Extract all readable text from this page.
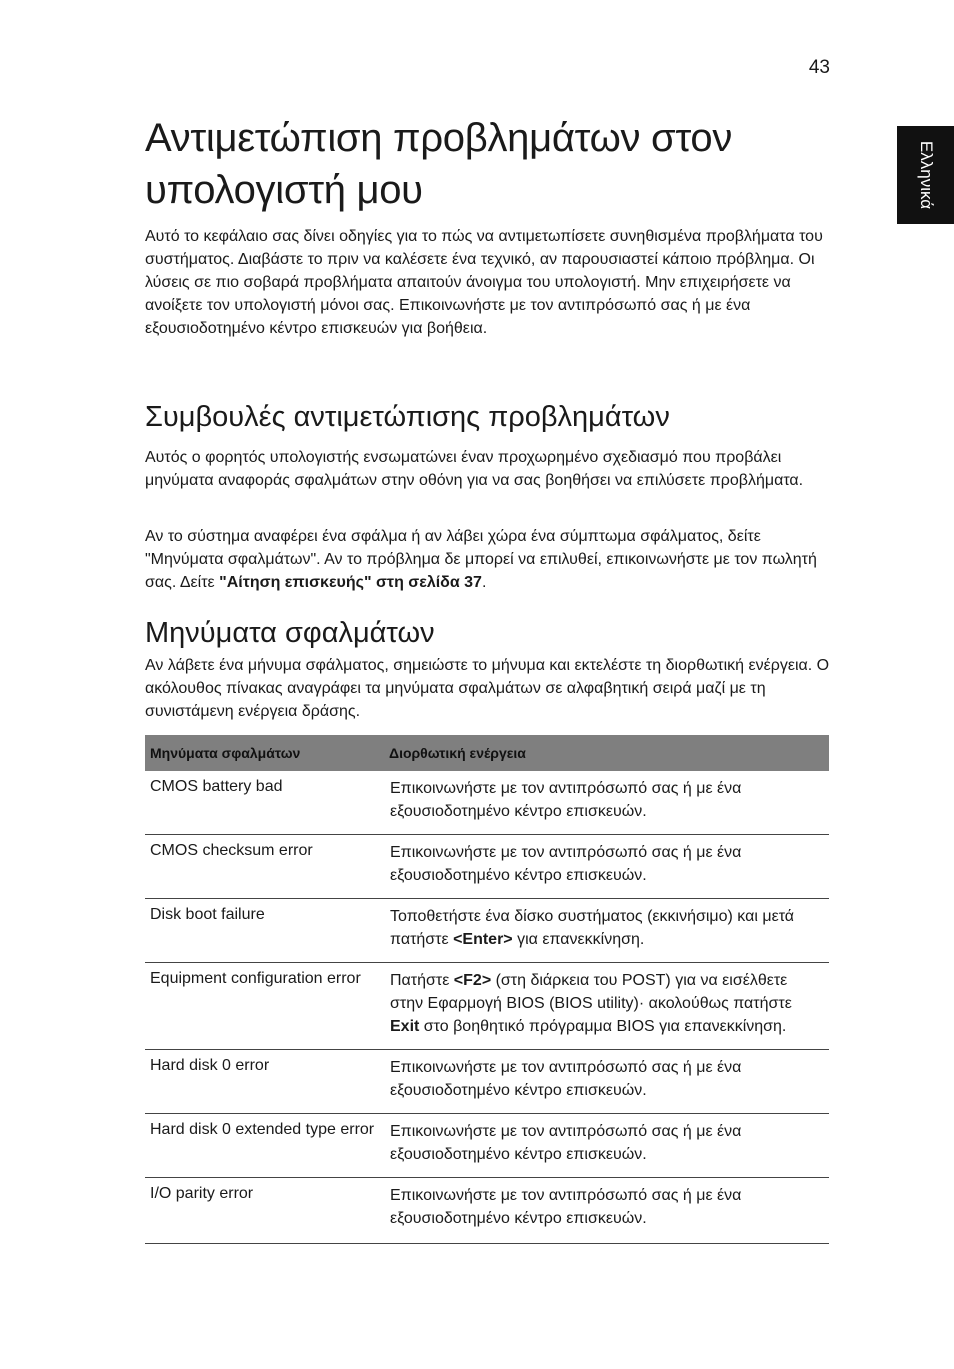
43
Ελληνικά
Αντιμετώπιση προβλημάτων στον υπολογιστή μου

Αυτό το κεφάλαιο σας δίνει οδηγίες για το πώς να αντιμετωπίσετε συνηθισμένα προβλήματα του συστήματος. Διαβάστε το πριν να καλέσετε ένα τεχνικό, αν παρουσιαστεί κάποιο πρόβλημα. Οι λύσεις σε πιο σοβαρά προβλήματα απαιτούν άνοιγμα του υπολογιστή. Μην επιχειρήσετε να ανοίξετε τον υπολογιστή μόνοι σας. Επικοινωνήστε με τον αντιπρόσωπό σας ή με ένα εξουσιοδοτημένο κέντρο επισκευών για βοήθεια.

Συμβουλές αντιμετώπισης προβλημάτων

Αυτός ο φορητός υπολογιστής ενσωματώνει έναν προχωρημένο σχεδιασμό που προβάλει μηνύματα αναφοράς σφαλμάτων στην οθόνη για να σας βοηθήσει να επιλύσετε προβλήματα.

Αν το σύστημα αναφέρει ένα σφάλμα ή αν λάβει χώρα ένα σύμπτωμα σφάλματος, δείτε "Μηνύματα σφαλμάτων". Αν το πρόβλημα δε μπορεί να επιλυθεί, επικοινωνήστε με τον πωλητή σας. Δείτε "Αίτηση επισκευής" στη σελίδα 37.

Μηνύματα σφαλμάτων

Αν λάβετε ένα μήνυμα σφάλματος, σημειώστε το μήνυμα και εκτελέστε τη διορθωτική ενέργεια. Ο ακόλουθος πίνακας αναγράφει τα μηνύματα σφαλμάτων σε αλφαβητική σειρά μαζί με τη συνιστάμενη ενέργεια δράσης.

Μηνύματα σφαλμάτων	Διορθωτική ενέργεια
CMOS battery bad	Επικοινωνήστε με τον αντιπρόσωπό σας ή με ένα εξουσιοδοτημένο κέντρο επισκευών.
CMOS checksum error	Επικοινωνήστε με τον αντιπρόσωπό σας ή με ένα εξουσιοδοτημένο κέντρο επισκευών.
Disk boot failure	Τοποθετήστε ένα δίσκο συστήματος (εκκινήσιμο) και μετά πατήστε <Enter> για επανεκκίνηση.
Equipment configuration error	Πατήστε <F2> (στη διάρκεια του POST) για να εισέλθετε στην Εφαρμογή BIOS (BIOS utility)· ακολούθως πατήστε Exit στο βοηθητικό πρόγραμμα BIOS για επανεκκίνηση.
Hard disk 0 error	Επικοινωνήστε με τον αντιπρόσωπό σας ή με ένα εξουσιοδοτημένο κέντρο επισκευών.
Hard disk 0 extended type error	Επικοινωνήστε με τον αντιπρόσωπό σας ή με ένα εξουσιοδοτημένο κέντρο επισκευών.
I/O parity error	Επικοινωνήστε με τον αντιπρόσωπό σας ή με ένα εξουσιοδοτημένο κέντρο επισκευών.
